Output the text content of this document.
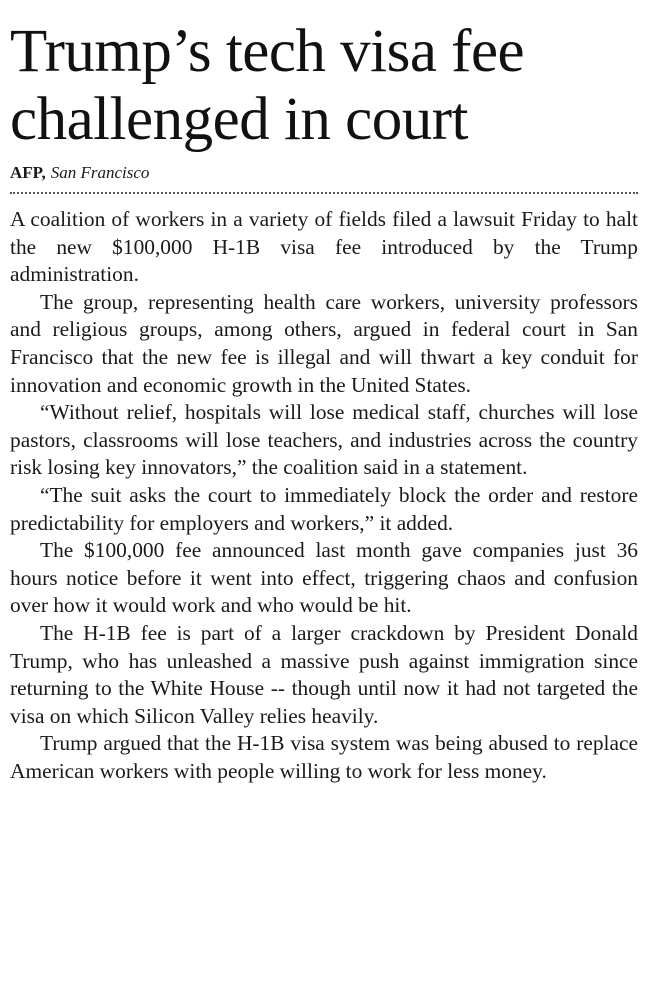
Trump’s tech visa fee challenged in court
AFP, San Francisco

A coalition of workers in a variety of fields filed a lawsuit Friday to halt the new $100,000 H-1B visa fee introduced by the Trump administration.

The group, representing health care workers, university professors and religious groups, among others, argued in federal court in San Francisco that the new fee is illegal and will thwart a key conduit for innovation and economic growth in the United States.

“Without relief, hospitals will lose medical staff, churches will lose pastors, classrooms will lose teachers, and industries across the country risk losing key innovators,” the coalition said in a statement.

“The suit asks the court to immediately block the order and restore predictability for employers and workers,” it added.

The $100,000 fee announced last month gave companies just 36 hours notice before it went into effect, triggering chaos and confusion over how it would work and who would be hit.

The H-1B fee is part of a larger crackdown by President Donald Trump, who has unleashed a massive push against immigration since returning to the White House -- though until now it had not targeted the visa on which Silicon Valley relies heavily.

Trump argued that the H-1B visa system was being abused to replace American workers with people willing to work for less money.
